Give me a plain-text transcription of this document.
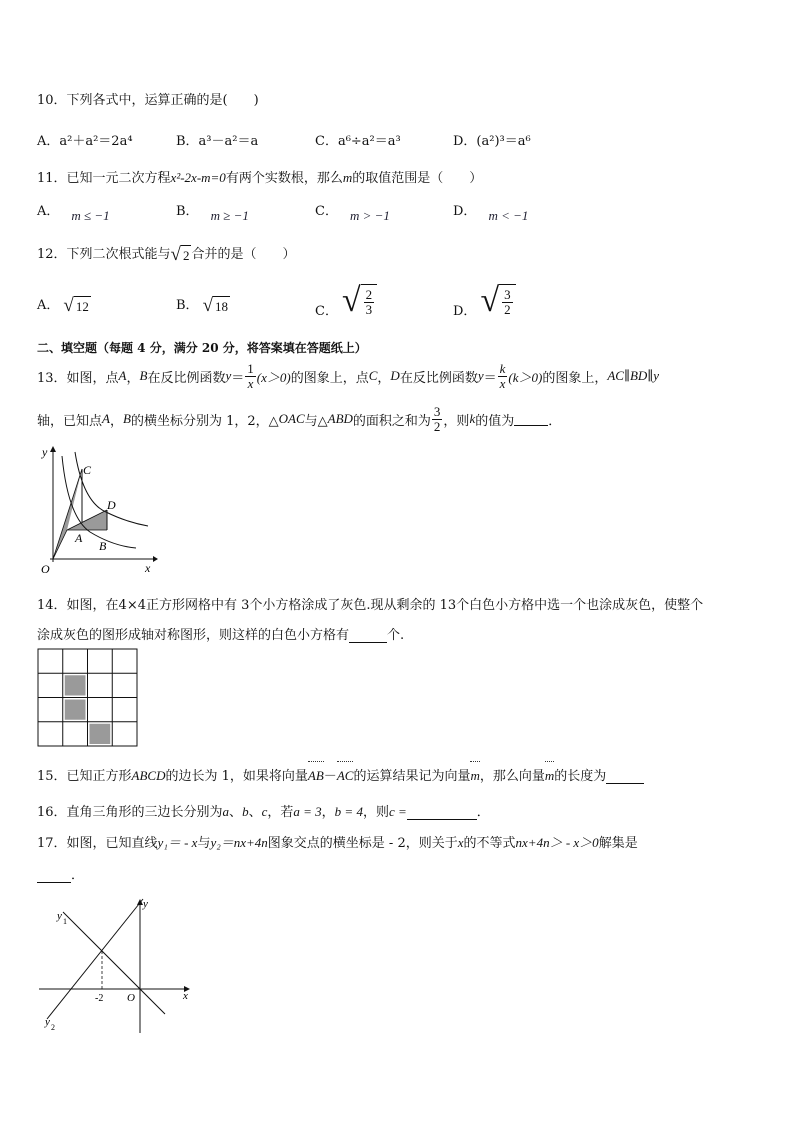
10．下列各式中，运算正确的是(　　)
A．a²＋a²＝2a⁴	B．a³－a²＝a	C．a⁶÷a²＝a³	D．(a²)³＝a⁶
11．已知一元二次方程x²-2x-m=0有两个实数根，那么m的取值范围是（　　）
A． m ≤ −1	B． m ≥ −1	C． m > −1	D． m < −1
12．下列二次根式能与 √ 2 合并的是（　　）
A． √ 12	B． √ 18	C． √ $\frac{2}{3}$	D． √ $\frac{3}{2}$
二、填空题（每题 4 分，满分 20 分，将答案填在答题纸上）
13．如图，点 A ， B 在反比例函数 $y = \frac{1}{x} (x>0)$ 的图象上，点 C ， D 在反比例函数 $y = \frac{k}{x} (k>0)$ 的图象上， AC∥BD∥y
轴，已知点 A ， B 的横坐标分别为 1，2，△ OAC 与△ ABD 的面积之和为 $\frac{3}{2}$ ，则 k 的值为	．
y
x
O
C
D
A
B
14．如图，在4×4正方形网格中有 3个小方格涂成了灰色.现从剩余的 13个白色小方格中选一个也涂成灰色，使整个
涂成灰色的图形成轴对称图形，则这样的白色小方格有	个.
15．已知正方形ABCD的边长为 1，如果将向量
AB－
AC的运算结果记为向量
m，那么向量
m的长度为
16．直角三角形的三边长分别为a、b、c，若a = 3，b = 4，则c =	．
17．如图，已知直线y₁＝ - x与y₂＝nx+4n图象交点的横坐标是 - 2，则关于x的不等式nx+4n＞ - x＞0解集是
．
y
x
O
-2
y 1
y 2
